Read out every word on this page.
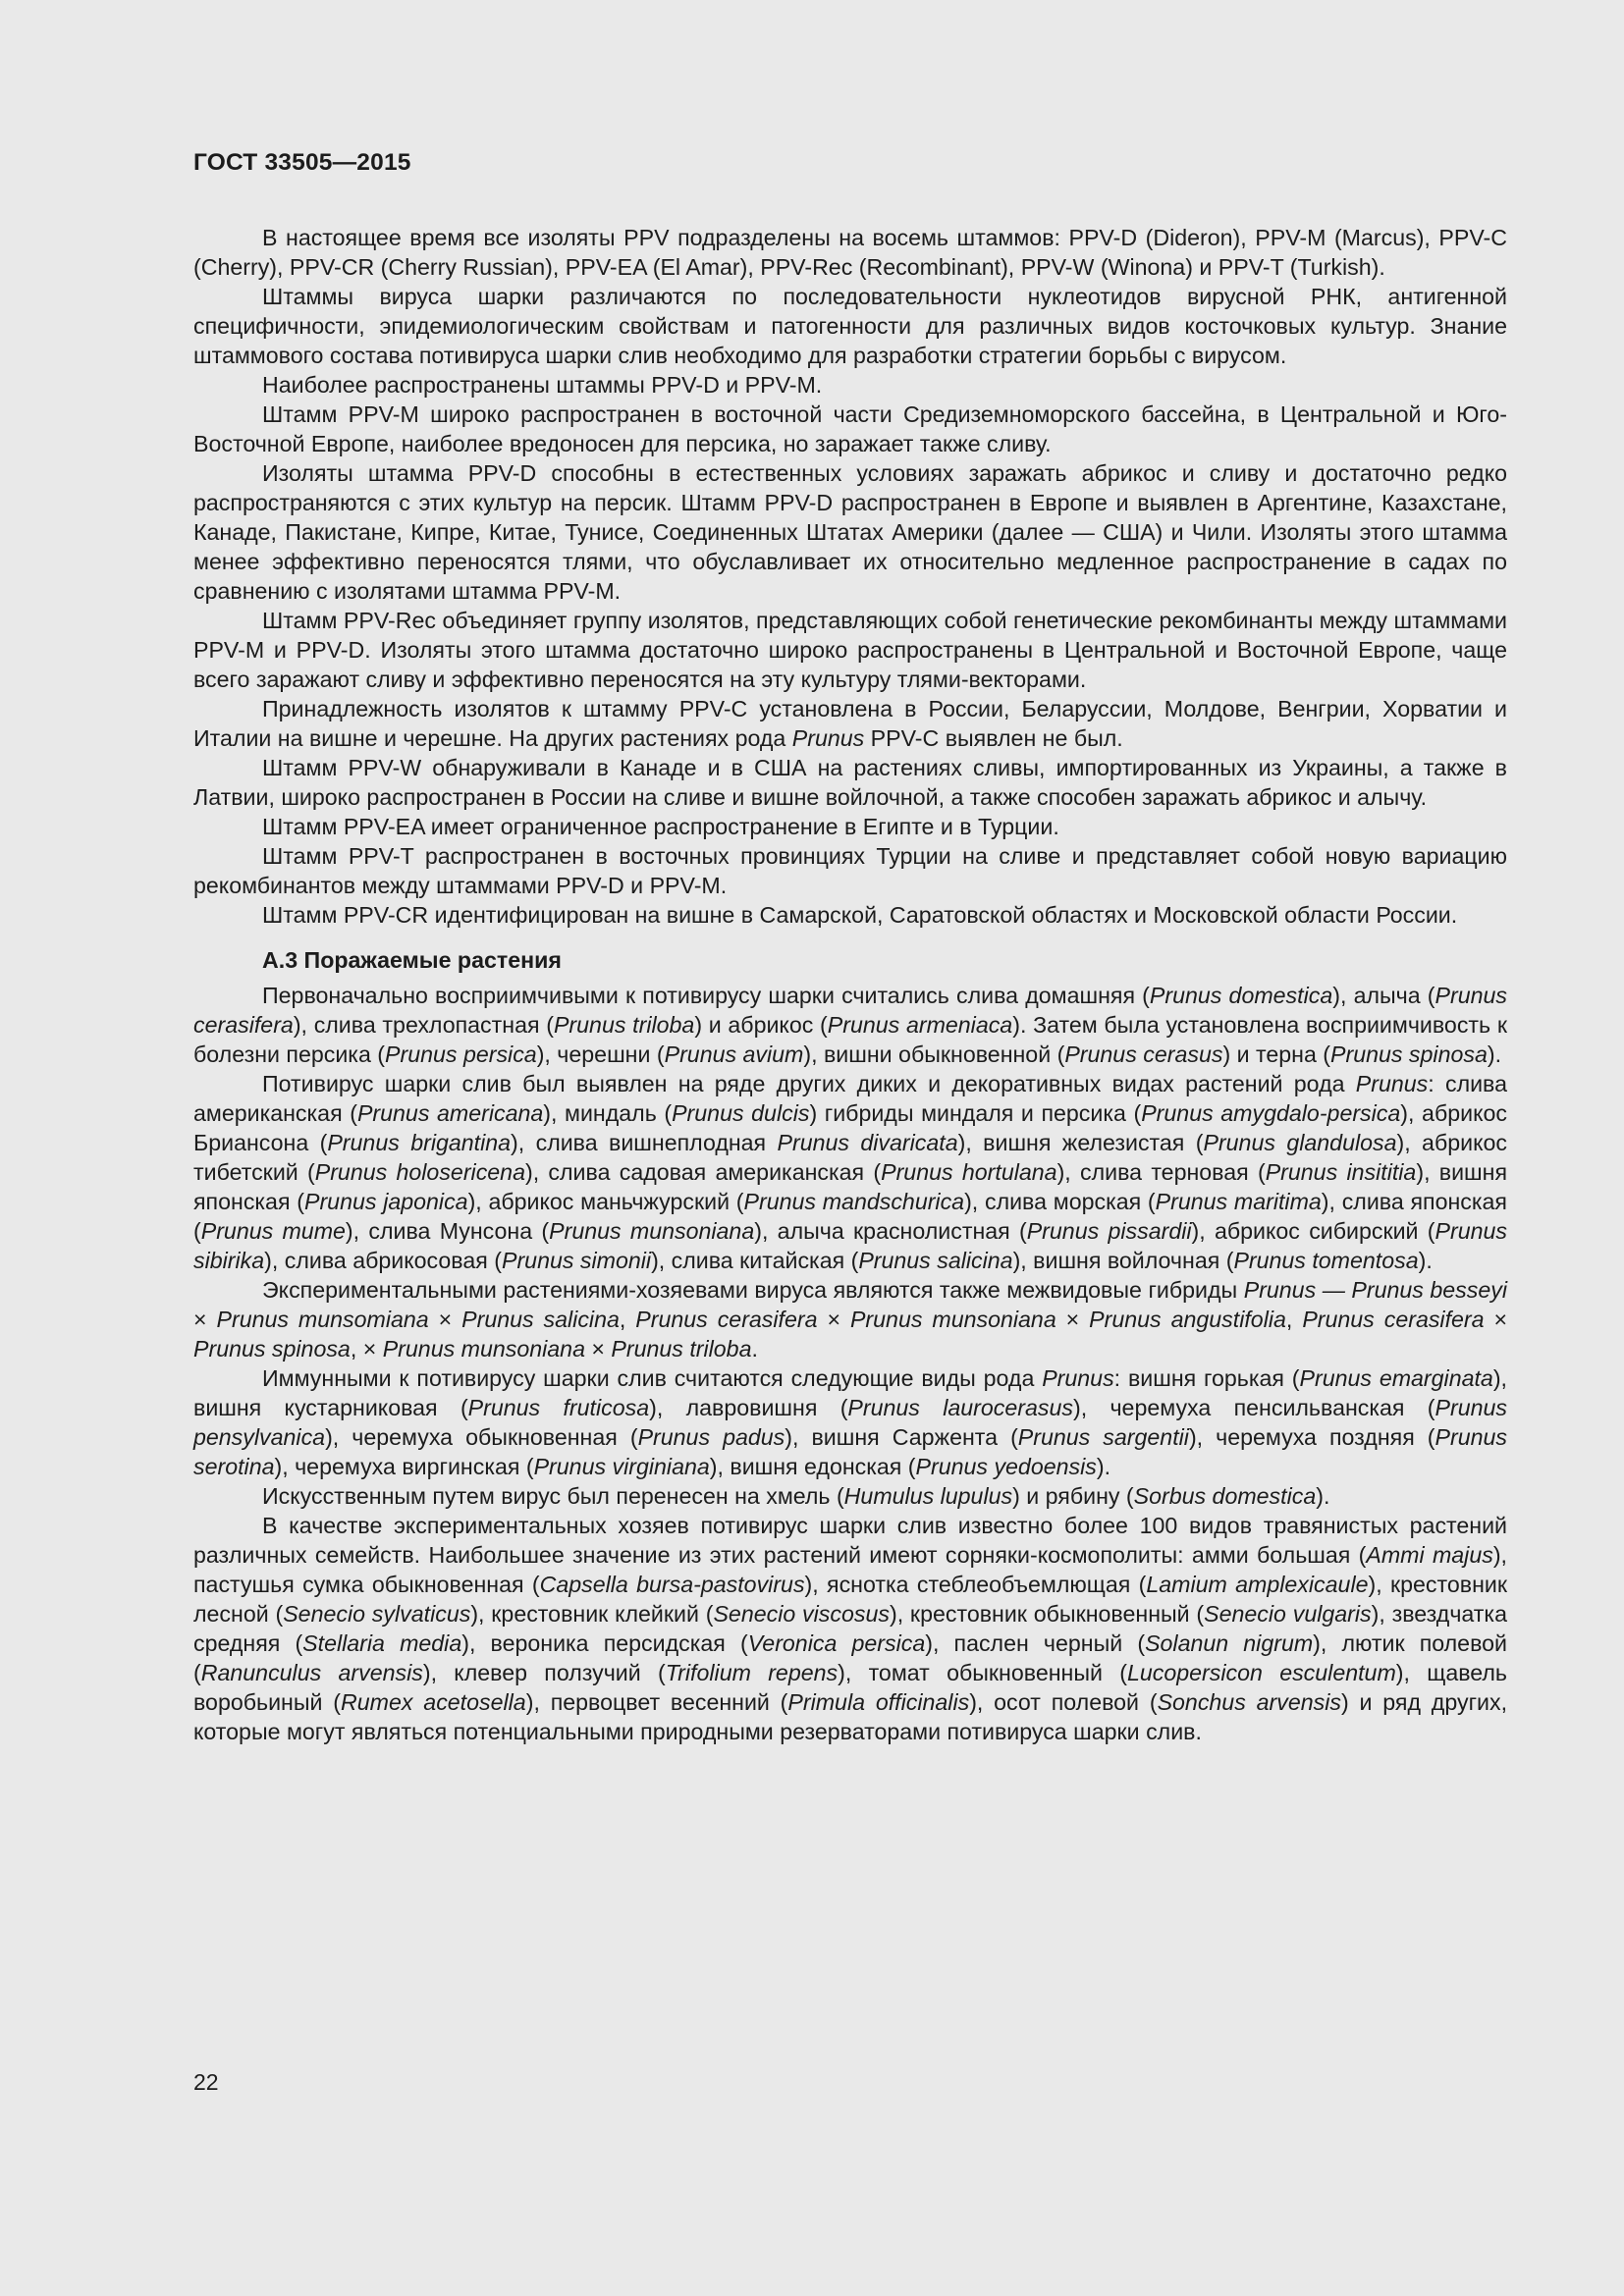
ГОСТ 33505—2015

В настоящее время все изоляты PPV подразделены на восемь штаммов: PPV-D (Dideron), PPV-M (Marcus), PPV-C (Cherry), PPV-CR (Cherry Russian), PPV-EA (El Amar), PPV-Rec (Recombinant), PPV-W (Winona) и PPV-T (Turkish).

Штаммы вируса шарки различаются по последовательности нуклеотидов вирусной РНК, антигенной специфичности, эпидемиологическим свойствам и патогенности для различных видов косточковых культур. Знание штаммового состава потивируса шарки слив необходимо для разработки стратегии борьбы с вирусом.

Наиболее распространены штаммы PPV-D и PPV-M.

Штамм PPV-M широко распространен в восточной части Средиземноморского бассейна, в Центральной и Юго-Восточной Европе, наиболее вредоносен для персика, но заражает также сливу.

Изоляты штамма PPV-D способны в естественных условиях заражать абрикос и сливу и достаточно редко распространяются с этих культур на персик. Штамм PPV-D распространен в Европе и выявлен в Аргентине, Казахстане, Канаде, Пакистане, Кипре, Китае, Тунисе, Соединенных Штатах Америки (далее — США) и Чили. Изоляты этого штамма менее эффективно переносятся тлями, что обуславливает их относительно медленное распространение в садах по сравнению с изолятами штамма PPV-M.

Штамм PPV-Rec объединяет группу изолятов, представляющих собой генетические рекомбинанты между штаммами PPV-M и PPV-D. Изоляты этого штамма достаточно широко распространены в Центральной и Восточной Европе, чаще всего заражают сливу и эффективно переносятся на эту культуру тлями-векторами.

Принадлежность изолятов к штамму PPV-C установлена в России, Беларуссии, Молдове, Венгрии, Хорватии и Италии на вишне и черешне. На других растениях рода Prunus PPV-C выявлен не был.

Штамм PPV-W обнаруживали в Канаде и в США на растениях сливы, импортированных из Украины, а также в Латвии, широко распространен в России на сливе и вишне войлочной, а также способен заражать абрикос и алычу.

Штамм PPV-EA имеет ограниченное распространение в Египте и в Турции.

Штамм PPV-T распространен в восточных провинциях Турции на сливе и представляет собой новую вариацию рекомбинантов между штаммами PPV-D и PPV-M.

Штамм PPV-CR идентифицирован на вишне в Самарской, Саратовской областях и Московской области России.

А.3 Поражаемые растения

Первоначально восприимчивыми к потивирусу шарки считались слива домашняя (Prunus domestica), алыча (Prunus cerasifera), слива трехлопастная (Prunus triloba) и абрикос (Prunus armeniaca). Затем была установлена восприимчивость к болезни персика (Prunus persica), черешни (Prunus avium), вишни обыкновенной (Prunus cerasus) и терна (Prunus spinosa).

Потивирус шарки слив был выявлен на ряде других диких и декоративных видах растений рода Prunus: слива американская (Prunus americana), миндаль (Prunus dulcis) гибриды миндаля и персика (Prunus amygdalo-persica), абрикос Бриансона (Prunus brigantina), слива вишнеплодная Prunus divaricata), вишня железистая (Prunus glandulosa), абрикос тибетский (Prunus holosericena), слива садовая американская (Prunus hortulana), слива терновая (Prunus insititia), вишня японская (Prunus japonica), абрикос маньчжурский (Prunus mandschurica), слива морская (Prunus maritima), слива японская (Prunus mume), слива Мунсона (Prunus munsoniana), алыча краснолистная (Prunus pissardii), абрикос сибирский (Prunus sibirika), слива абрикосовая (Prunus simonii), слива китайская (Prunus salicina), вишня войлочная (Prunus tomentosa).

Экспериментальными растениями-хозяевами вируса являются также межвидовые гибриды Prunus — Prunus besseyi × Prunus munsomiana × Prunus salicina, Prunus cerasifera × Prunus munsoniana × Prunus angustifolia, Prunus cerasifera × Prunus spinosa, × Prunus munsoniana × Prunus triloba.

Иммунными к потивирусу шарки слив считаются следующие виды рода Prunus: вишня горькая (Prunus emarginata), вишня кустарниковая (Prunus fruticosa), лавровишня (Prunus laurocerasus), черемуха пенсильванская (Prunus pensylvanica), черемуха обыкновенная (Prunus padus), вишня Саржента (Prunus sargentii), черемуха поздняя (Prunus serotina), черемуха виргинская (Prunus virginiana), вишня едонская (Prunus yedoensis).

Искусственным путем вирус был перенесен на хмель (Humulus lupulus) и рябину (Sorbus domestica).

В качестве экспериментальных хозяев потивирус шарки слив известно более 100 видов травянистых растений различных семейств. Наибольшее значение из этих растений имеют сорняки-космополиты: амми большая (Ammi majus), пастушья сумка обыкновенная (Capsella bursa-pastovirus), яснотка стеблеобъемлющая (Lamium amplexicaule), крестовник лесной (Senecio sylvaticus), крестовник клейкий (Senecio viscosus), крестовник обыкновенный (Senecio vulgaris), звездчатка средняя (Stellaria media), вероника персидская (Veronica persica), паслен черный (Solanun nigrum), лютик полевой (Ranunculus arvensis), клевер ползучий (Trifolium repens), томат обыкновенный (Lucopersicon esculentum), щавель воробьиный (Rumex acetosella), первоцвет весенний (Primula officinalis), осот полевой (Sonchus arvensis) и ряд других, которые могут являться потенциальными природными резерваторами потивируса шарки слив.

22
